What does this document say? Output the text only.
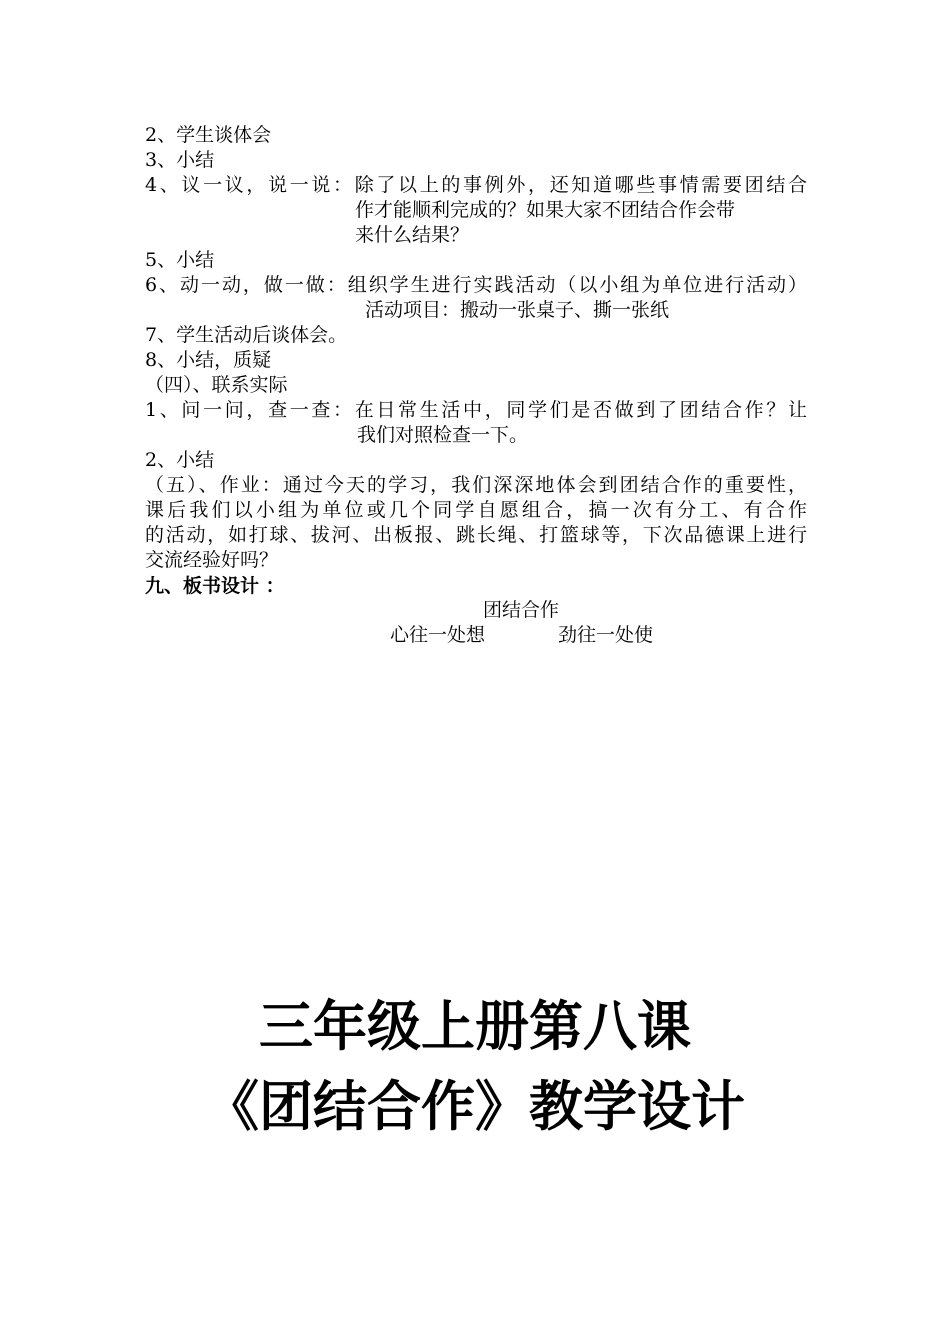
2、学生谈体会
3、小结
4、议一议，说一说：除了以上的事例外，还知道哪些事情需要团结合
作才能顺利完成的？如果大家不团结合作会带
来什么结果？
5、小结
6、动一动，做一做：组织学生进行实践活动（以小组为单位进行活动）
活动项目：搬动一张桌子、撕一张纸
7、学生活动后谈体会。
8、小结，质疑
（四）、联系实际
1、问一问，查一查：在日常生活中，同学们是否做到了团结合作？让
我们对照检查一下。
2、小结
（五）、作业：通过今天的学习，我们深深地体会到团结合作的重要性，
课后我们以小组为单位或几个同学自愿组合，搞一次有分工、有合作
的活动，如打球、拔河、出板报、跳长绳、打篮球等，下次品德课上进行
交流经验好吗？
九、板书设计 ：
团结合作
心往一处想	劲往一处使
三年级上册第八课
《团结合作》教学设计
